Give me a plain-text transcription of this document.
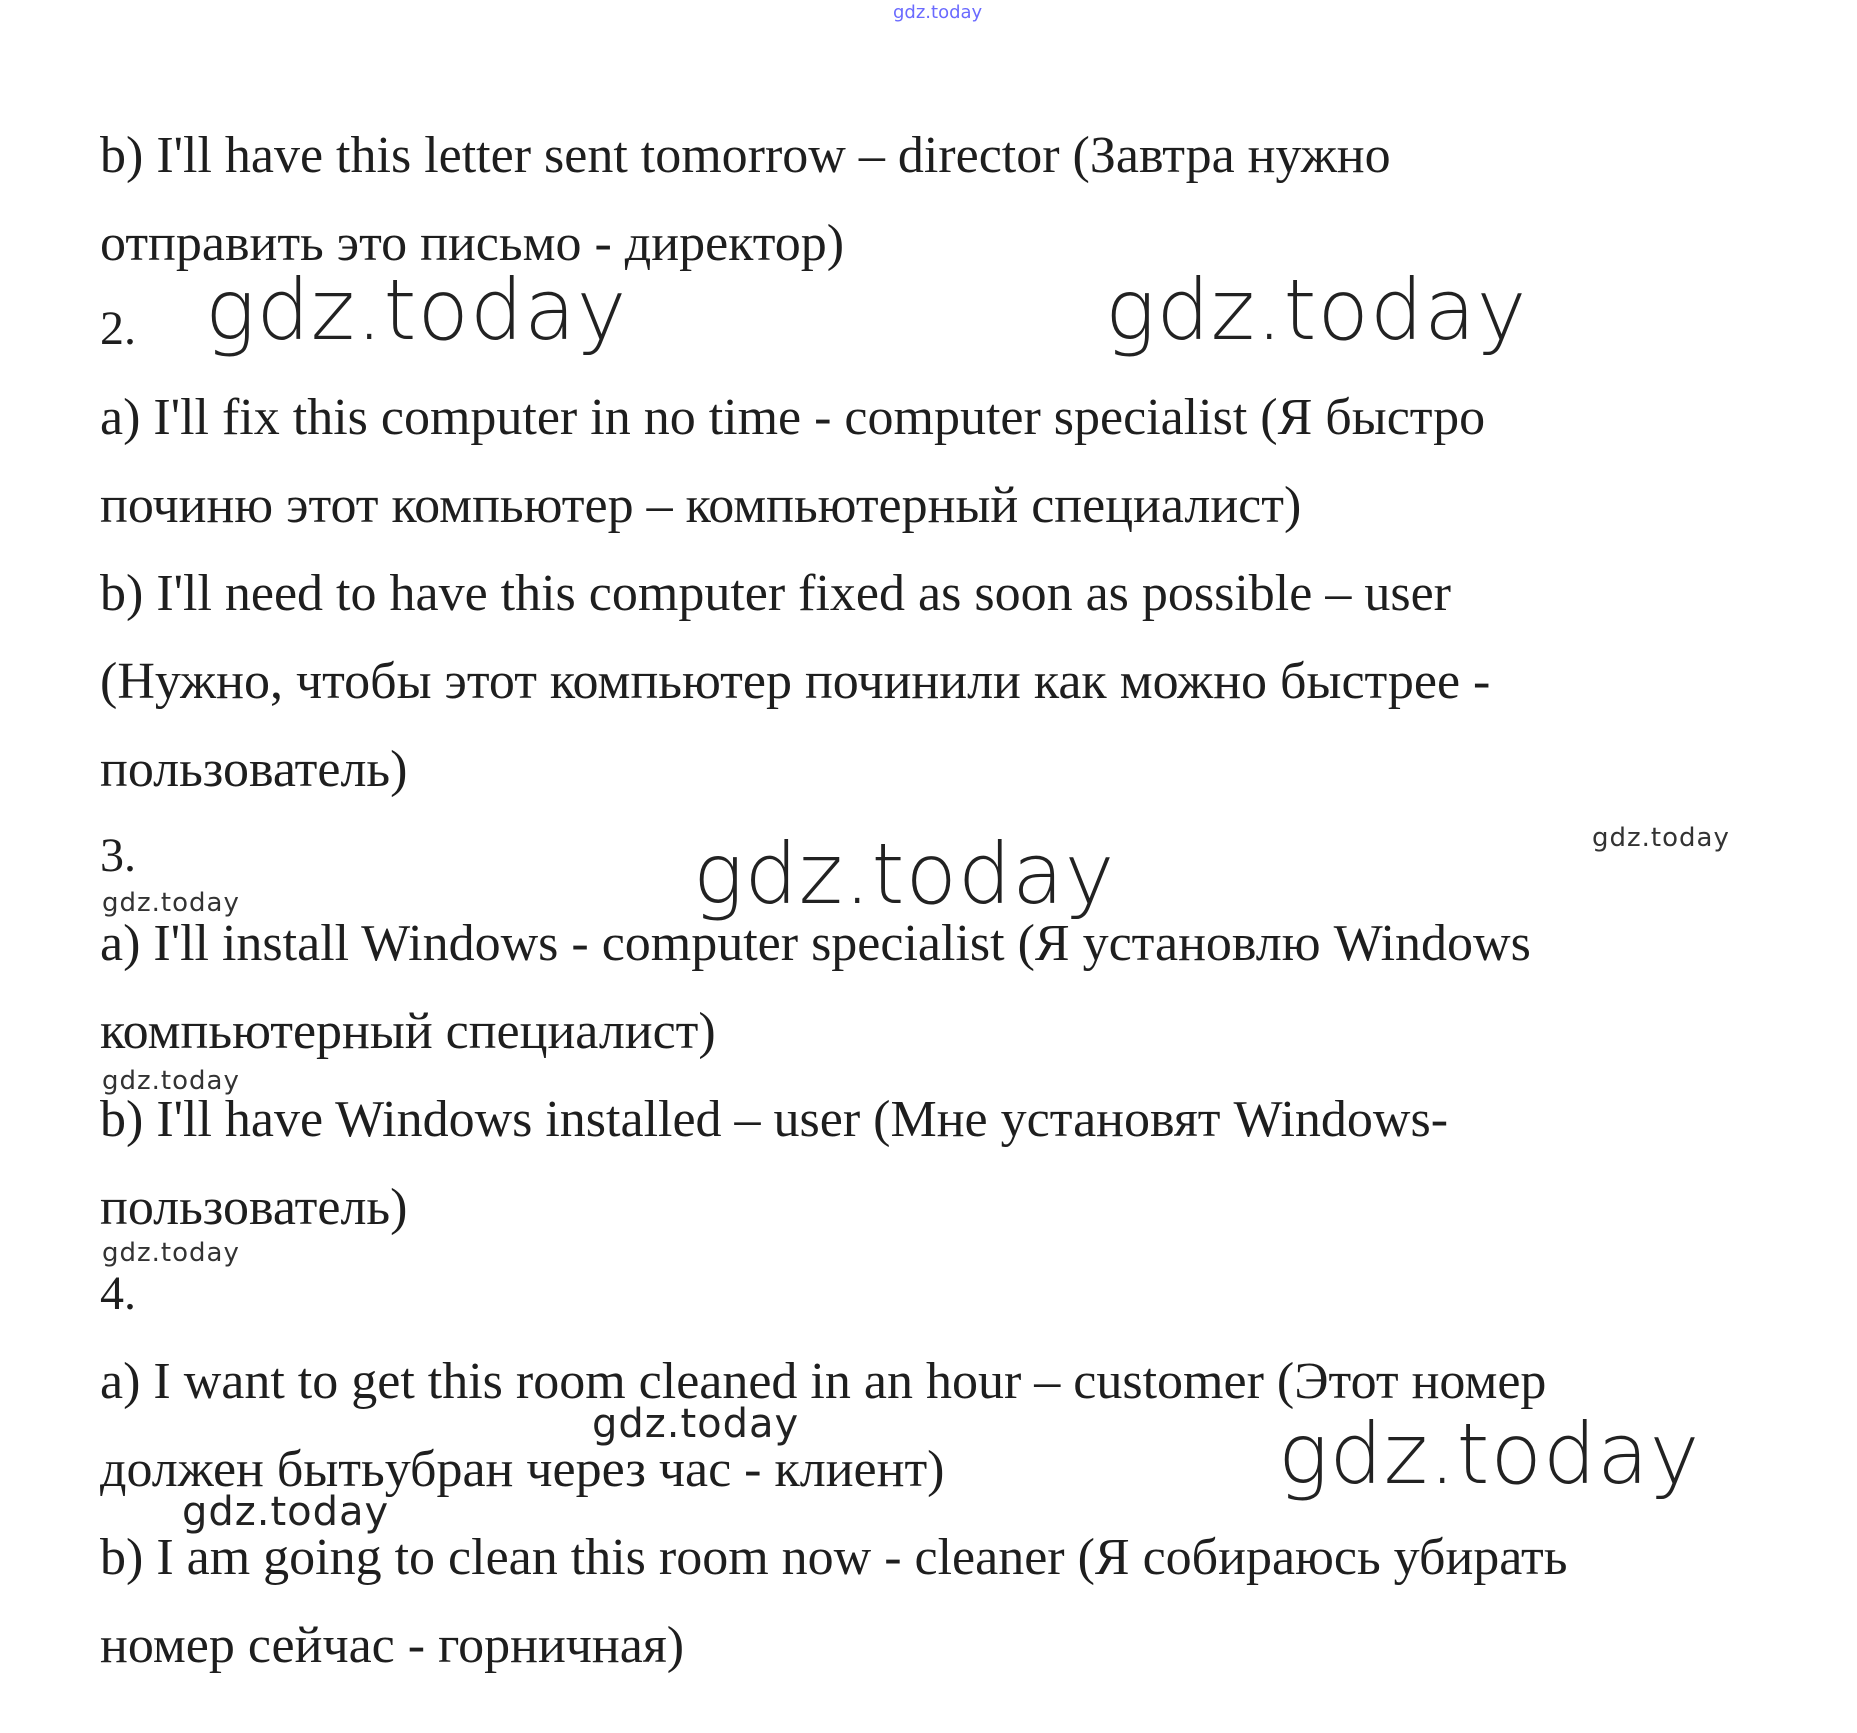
gdz.today
b) I'll have this letter sent tomorrow – director (Завтра нужно
отправить это письмо - директор)
2. gdz.today	gdz.today
a) I'll fix this computer in no time - computer specialist (Я быстро
починю этот компьютер – компьютерный специалист)
b) I'll need to have this computer fixed as soon as possible – user
(Нужно, чтобы этот компьютер починили как можно быстрее -
пользователь)
3.	gdz.today
gdz.today
gdz.today
a) I'll install Windows - computer specialist (Я установлю Windows
компьютерный специалист)
gdz.today
b) I'll have Windows installed – user (Мне установят Windows-
пользователь)
gdz.today
4.
a) I want to get this room cleaned in an hour – customer (Этот номер
gdz.today	gdz.today
должен бытьубран через час - клиент)
gdz.today
b) I am going to clean this room now - cleaner (Я собираюсь убирать
номер сейчас - горничная)
